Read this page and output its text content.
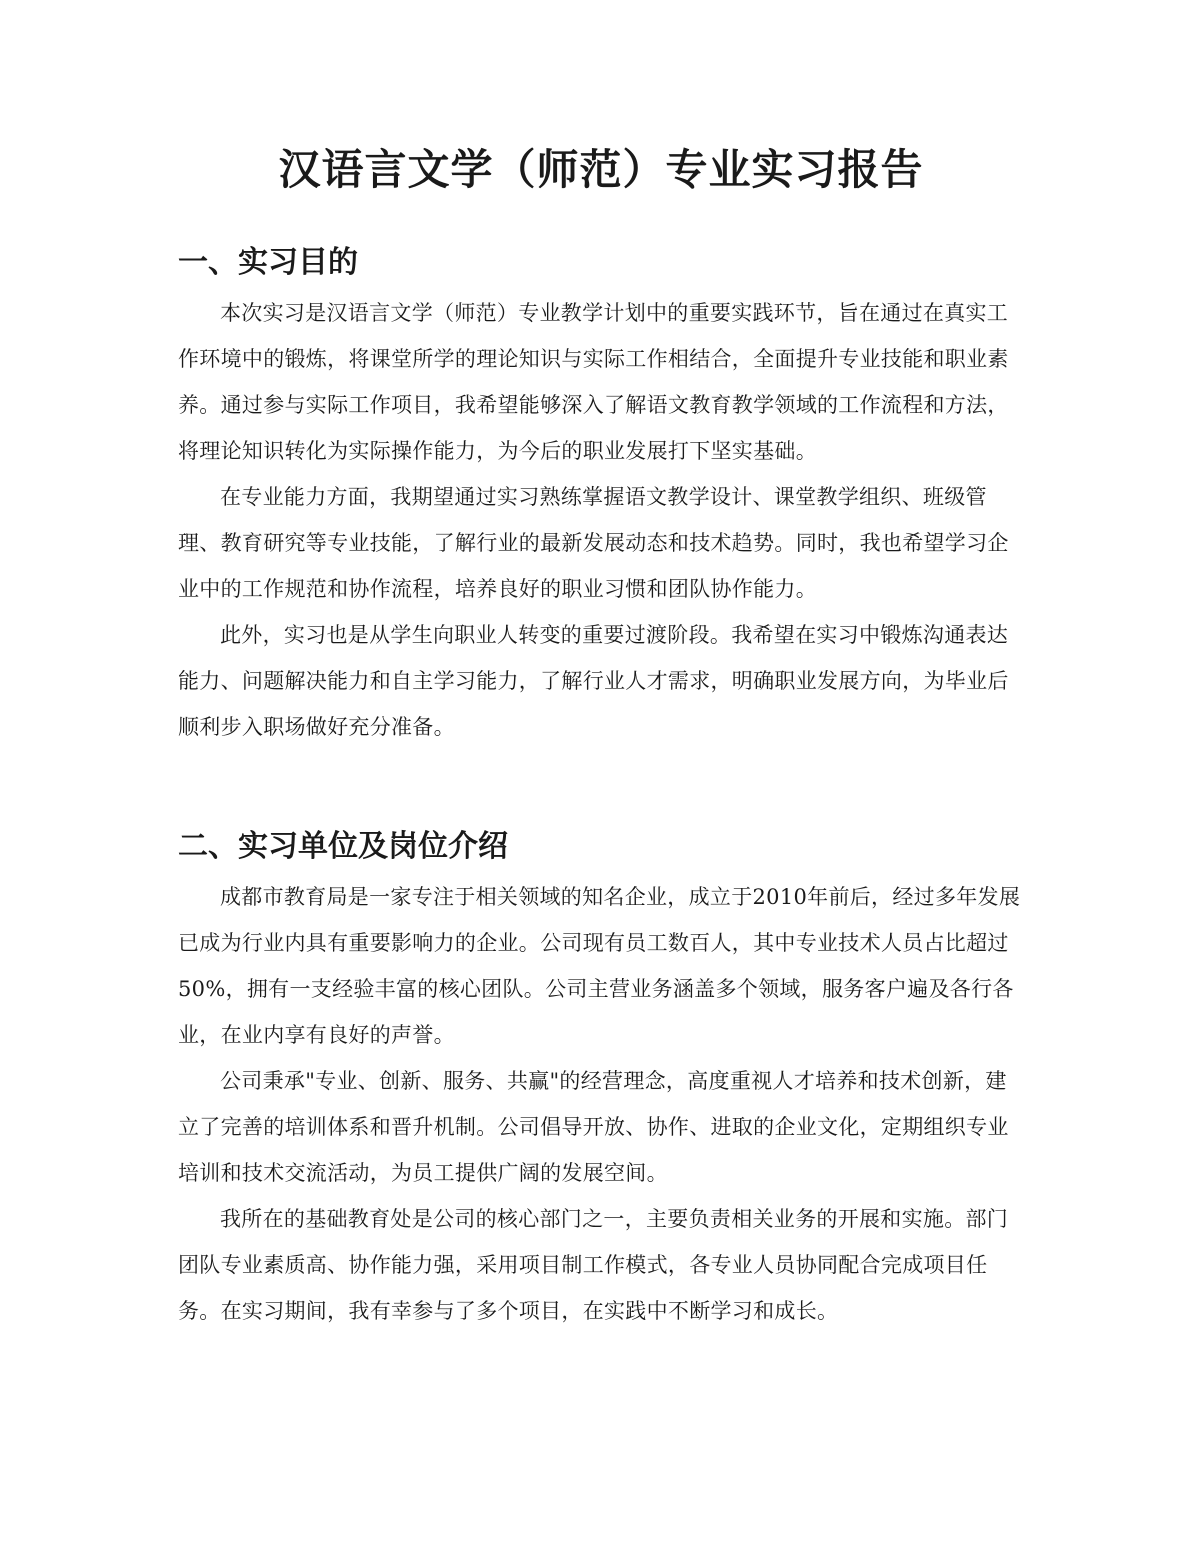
汉语言文学（师范）专业实习报告
一、实习目的

本次实习是汉语言文学（师范）专业教学计划中的重要实践环节，旨在通过在真实工作环境中的锻炼，将课堂所学的理论知识与实际工作相结合，全面提升专业技能和职业素养。通过参与实际工作项目，我希望能够深入了解语文教育教学领域的工作流程和方法，将理论知识转化为实际操作能力，为今后的职业发展打下坚实基础。

在专业能力方面，我期望通过实习熟练掌握语文教学设计、课堂教学组织、班级管理、教育研究等专业技能，了解行业的最新发展动态和技术趋势。同时，我也希望学习企业中的工作规范和协作流程，培养良好的职业习惯和团队协作能力。

此外，实习也是从学生向职业人转变的重要过渡阶段。我希望在实习中锻炼沟通表达能力、问题解决能力和自主学习能力，了解行业人才需求，明确职业发展方向，为毕业后顺利步入职场做好充分准备。

二、实习单位及岗位介绍

成都市教育局是一家专注于相关领域的知名企业，成立于2010年前后，经过多年发展已成为行业内具有重要影响力的企业。公司现有员工数百人，其中专业技术人员占比超过50%，拥有一支经验丰富的核心团队。公司主营业务涵盖多个领域，服务客户遍及各行各业，在业内享有良好的声誉。

公司秉承"专业、创新、服务、共赢"的经营理念，高度重视人才培养和技术创新，建立了完善的培训体系和晋升机制。公司倡导开放、协作、进取的企业文化，定期组织专业培训和技术交流活动，为员工提供广阔的发展空间。

我所在的基础教育处是公司的核心部门之一，主要负责相关业务的开展和实施。部门团队专业素质高、协作能力强，采用项目制工作模式，各专业人员协同配合完成项目任务。在实习期间，我有幸参与了多个项目，在实践中不断学习和成长。
